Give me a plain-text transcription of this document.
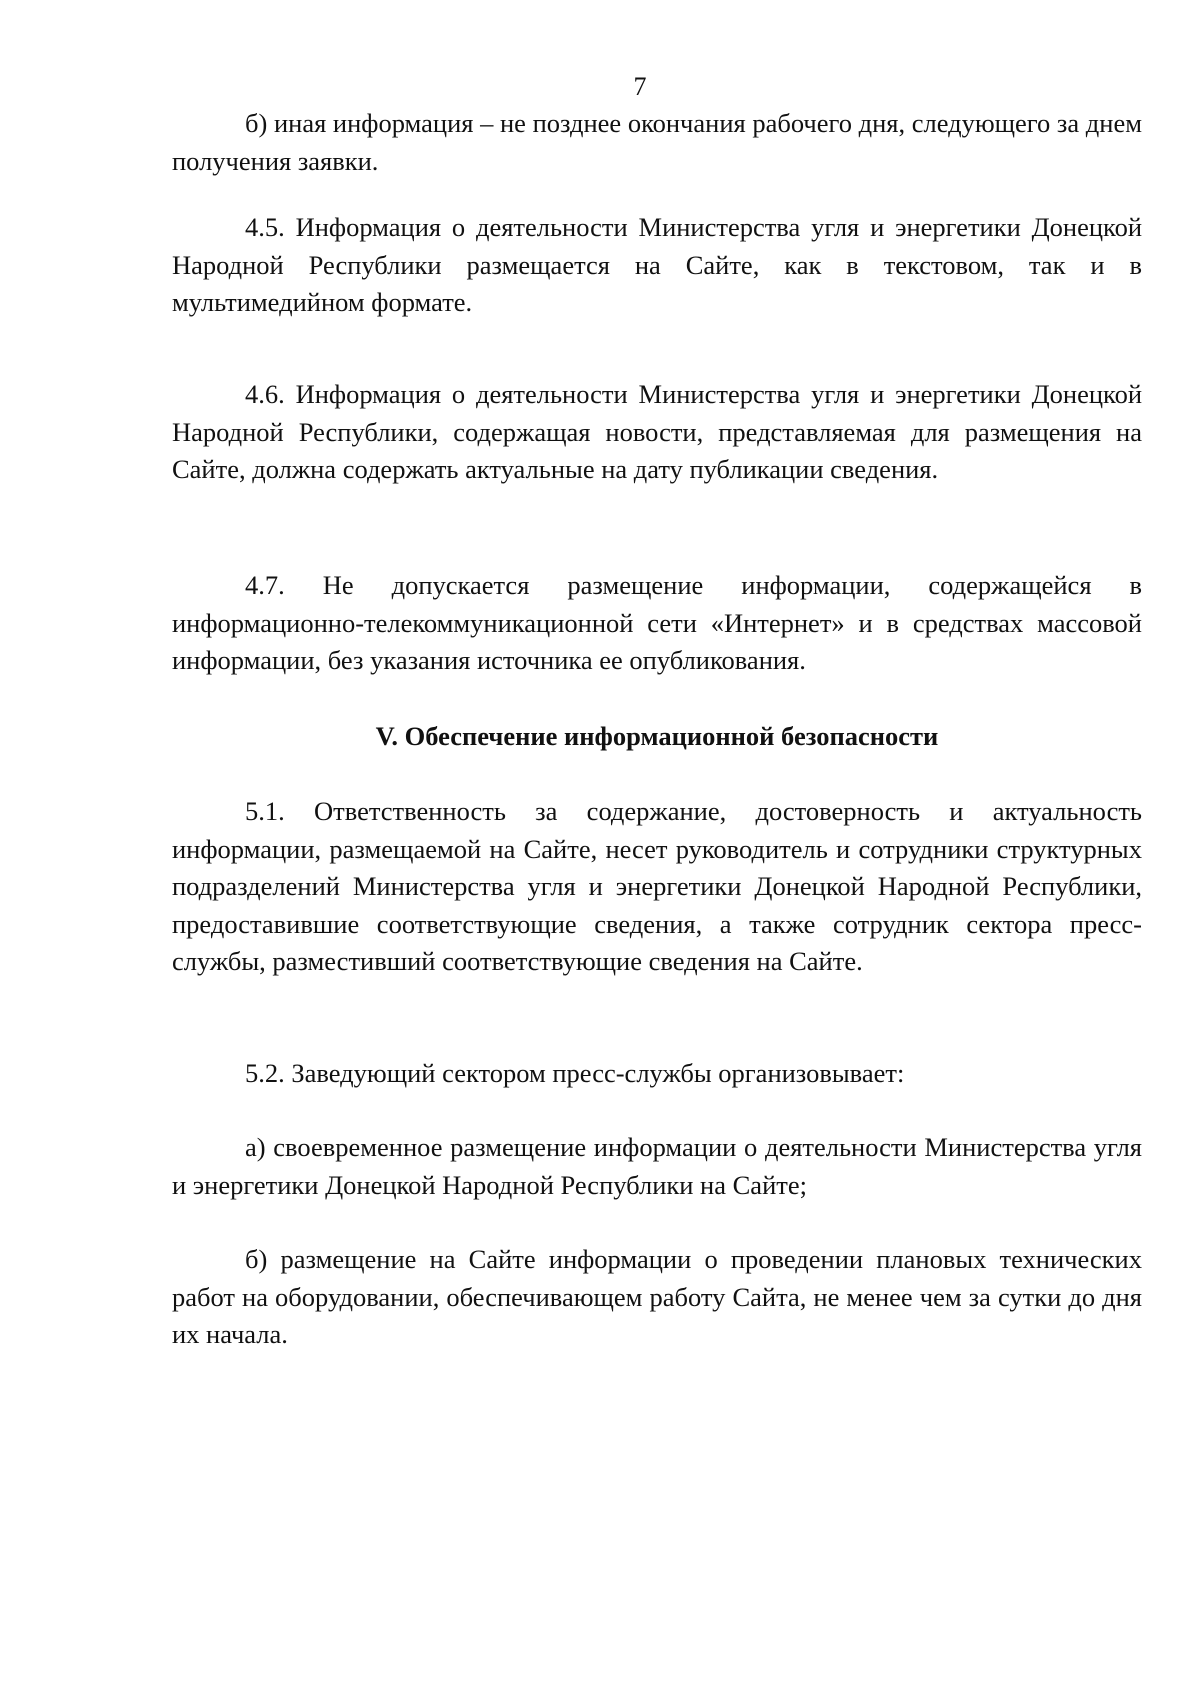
7

б) иная информация – не позднее окончания рабочего дня, следующего за днем получения заявки.

4.5. Информация о деятельности Министерства угля и энергетики Донецкой Народной Республики размещается на Сайте, как в текстовом, так и в мультимедийном формате.

4.6. Информация о деятельности Министерства угля и энергетики Донецкой Народной Республики, содержащая новости, представляемая для размещения на Сайте, должна содержать актуальные на дату публикации сведения.

4.7. Не допускается размещение информации, содержащейся в информационно-телекоммуникационной сети «Интернет» и в средствах массовой информации, без указания источника ее опубликования.

V. Обеспечение информационной безопасности

5.1. Ответственность за содержание, достоверность и актуальность информации, размещаемой на Сайте, несет руководитель и сотрудники структурных подразделений Министерства угля и энергетики Донецкой Народной Республики, предоставившие соответствующие сведения, а также сотрудник сектора пресс-службы, разместивший соответствующие сведения на Сайте.

5.2. Заведующий сектором пресс-службы организовывает:

а) своевременное размещение информации о деятельности Министерства угля и энергетики Донецкой Народной Республики на Сайте;

б) размещение на Сайте информации о проведении плановых технических работ на оборудовании, обеспечивающем работу Сайта, не менее чем за сутки до дня их начала.
